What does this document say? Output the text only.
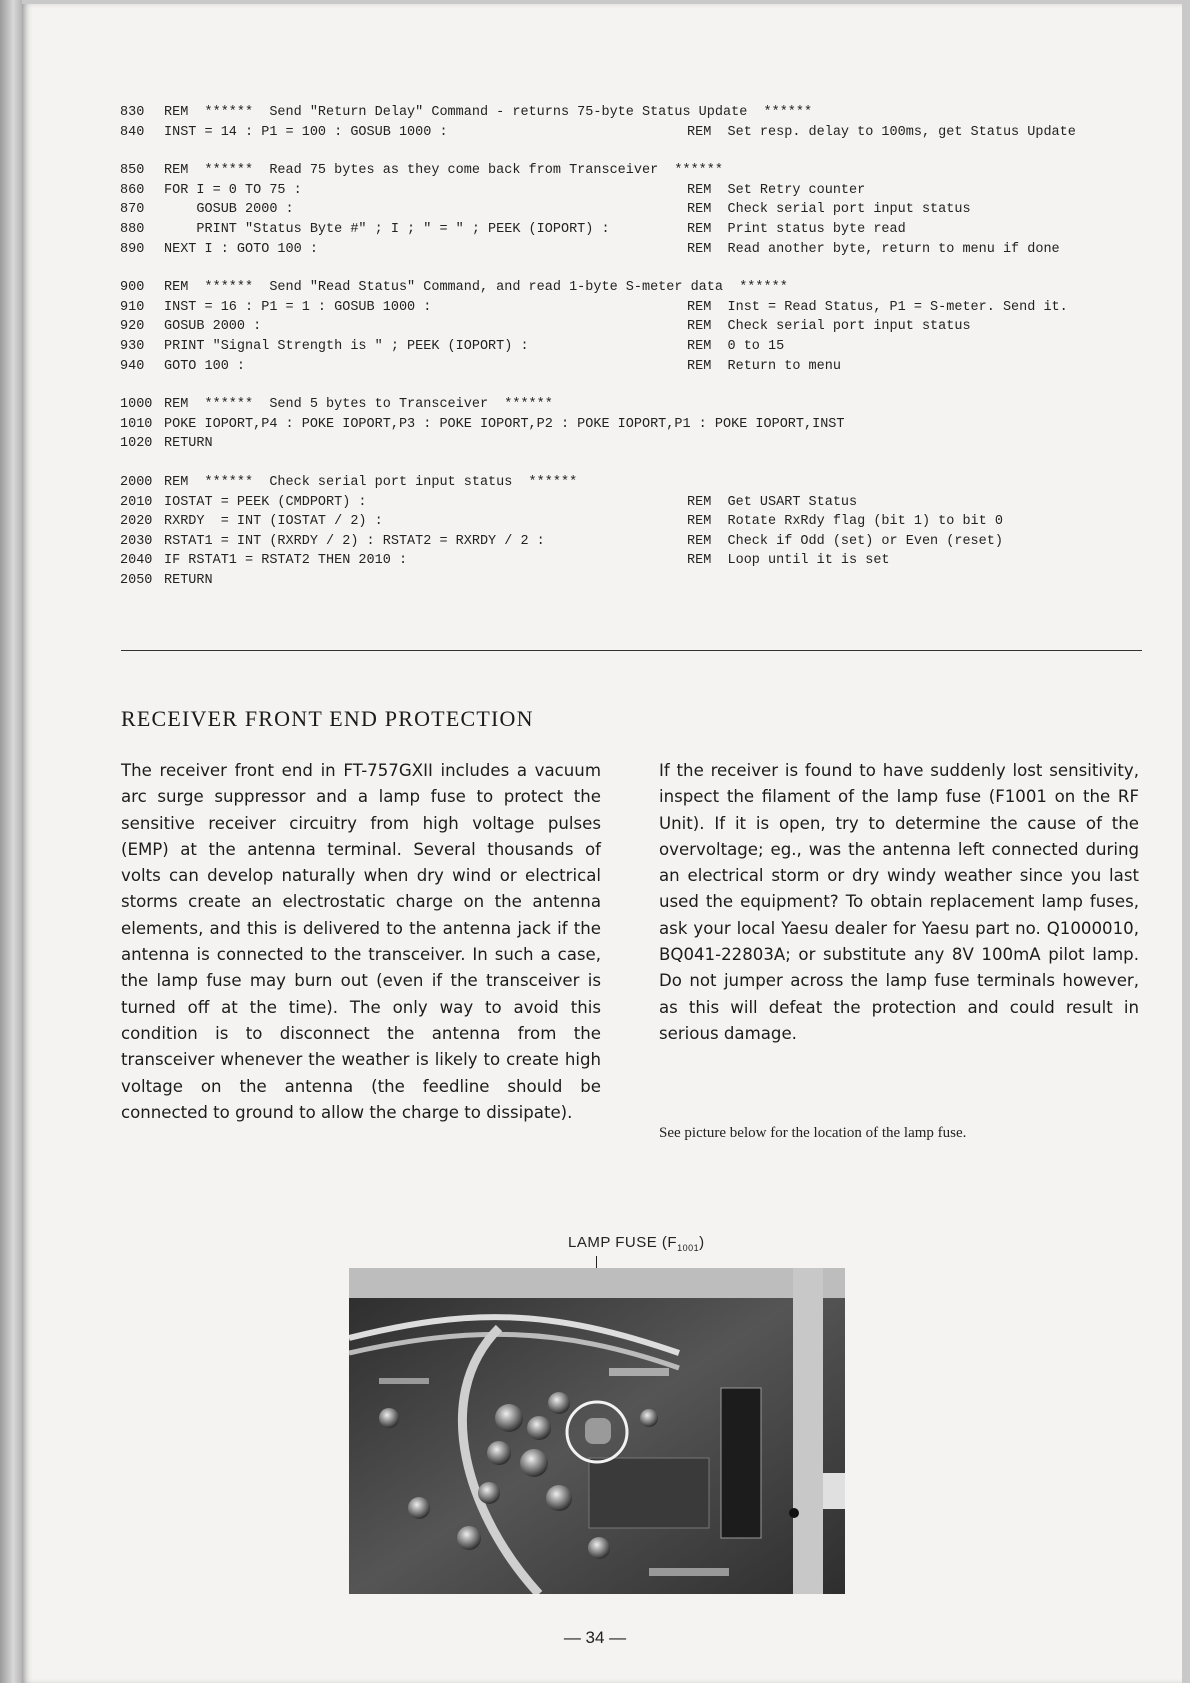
830	REM  ******  Send "Return Delay" Command - returns 75-byte Status Update  ******
840	INST = 14 : P1 = 100 : GOSUB 1000 :	REM  Set resp. delay to 100ms, get Status Update
850	REM  ******  Read 75 bytes as they come back from Transceiver  ******
860	FOR I = 0 TO 75 :	REM  Set Retry counter
870	GOSUB 2000 :	REM  Check serial port input status
880	PRINT "Status Byte #" ; I ; " = " ; PEEK (IOPORT) :	REM  Print status byte read
890	NEXT I : GOTO 100 :	REM  Read another byte, return to menu if done
900	REM  ******  Send "Read Status" Command, and read 1-byte S-meter data  ******
910	INST = 16 : P1 = 1 : GOSUB 1000 :	REM  Inst = Read Status, P1 = S-meter. Send it.
920	GOSUB 2000 :	REM  Check serial port input status
930	PRINT "Signal Strength is " ; PEEK (IOPORT) :	REM  0 to 15
940	GOTO 100 :	REM  Return to menu
1000 REM  ******  Send 5 bytes to Transceiver  ******
1010 POKE IOPORT,P4 : POKE IOPORT,P3 : POKE IOPORT,P2 : POKE IOPORT,P1 : POKE IOPORT,INST
1020 RETURN
2000 REM  ******  Check serial port input status  ******
2010 IOSTAT = PEEK (CMDPORT) :	REM  Get USART Status
2020 RXRDY  = INT (IOSTAT / 2) :	REM  Rotate RxRdy flag (bit 1) to bit 0
2030 RSTAT1 = INT (RXRDY / 2) : RSTAT2 = RXRDY / 2 :	REM  Check if Odd (set) or Even (reset)
2040 IF RSTAT1 = RSTAT2 THEN 2010 :	REM  Loop until it is set
2050 RETURN
RECEIVER FRONT END PROTECTION

The receiver front end in FT-757GXII includes a vacuum arc surge suppressor and a lamp fuse to protect the sensitive receiver circuitry from high voltage pulses (EMP) at the antenna terminal. Several thousands of volts can develop naturally when dry wind or electrical storms create an electrostatic charge on the antenna elements, and this is delivered to the antenna jack if the antenna is connected to the transceiver. In such a case, the lamp fuse may burn out (even if the transceiver is turned off at the time). The only way to avoid this condition is to disconnect the antenna from the transceiver whenever the weather is likely to create high voltage on the antenna (the feedline should be connected to ground to allow the charge to dissipate).

If the receiver is found to have suddenly lost sensitivity, inspect the filament of the lamp fuse (F1001 on the RF Unit). If it is open, try to determine the cause of the overvoltage; eg., was the antenna left connected during an electrical storm or dry windy weather since you last used the equipment? To obtain replacement lamp fuses, ask your local Yaesu dealer for Yaesu part no. Q1000010, BQ041-22803A; or substitute any 8V 100mA pilot lamp. Do not jumper across the lamp fuse terminals however, as this will defeat the protection and could result in serious damage.

See picture below for the location of the lamp fuse.

LAMP FUSE $(F_{1001})$
— 34 —
